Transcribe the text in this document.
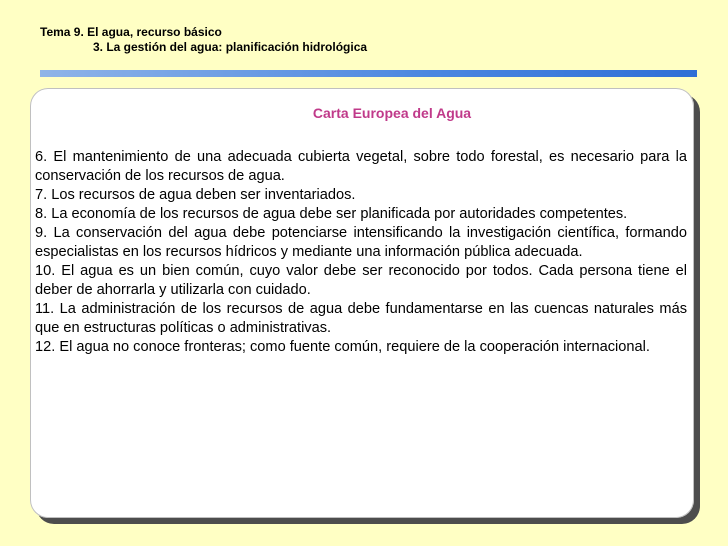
Tema 9. El agua, recurso básico
3. La gestión del agua: planificación hidrológica
Carta Europea del Agua
6. El mantenimiento de una adecuada cubierta vegetal, sobre todo forestal, es necesario para la conservación de los recursos de agua.
7. Los recursos de agua deben ser inventariados.
8. La economía de los recursos de agua debe ser planificada por autoridades competentes.
9. La conservación del agua debe potenciarse intensificando la investigación científica, formando especialistas en los recursos hídricos y mediante una información pública adecuada.
10. El agua es un bien común, cuyo valor debe ser reconocido por todos. Cada persona tiene el deber de ahorrarla y utilizarla con cuidado.
11. La administración de los recursos de agua debe fundamentarse en las cuencas naturales más que en estructuras políticas o administrativas.
12. El agua no conoce fronteras; como fuente común, requiere de la cooperación internacional.
